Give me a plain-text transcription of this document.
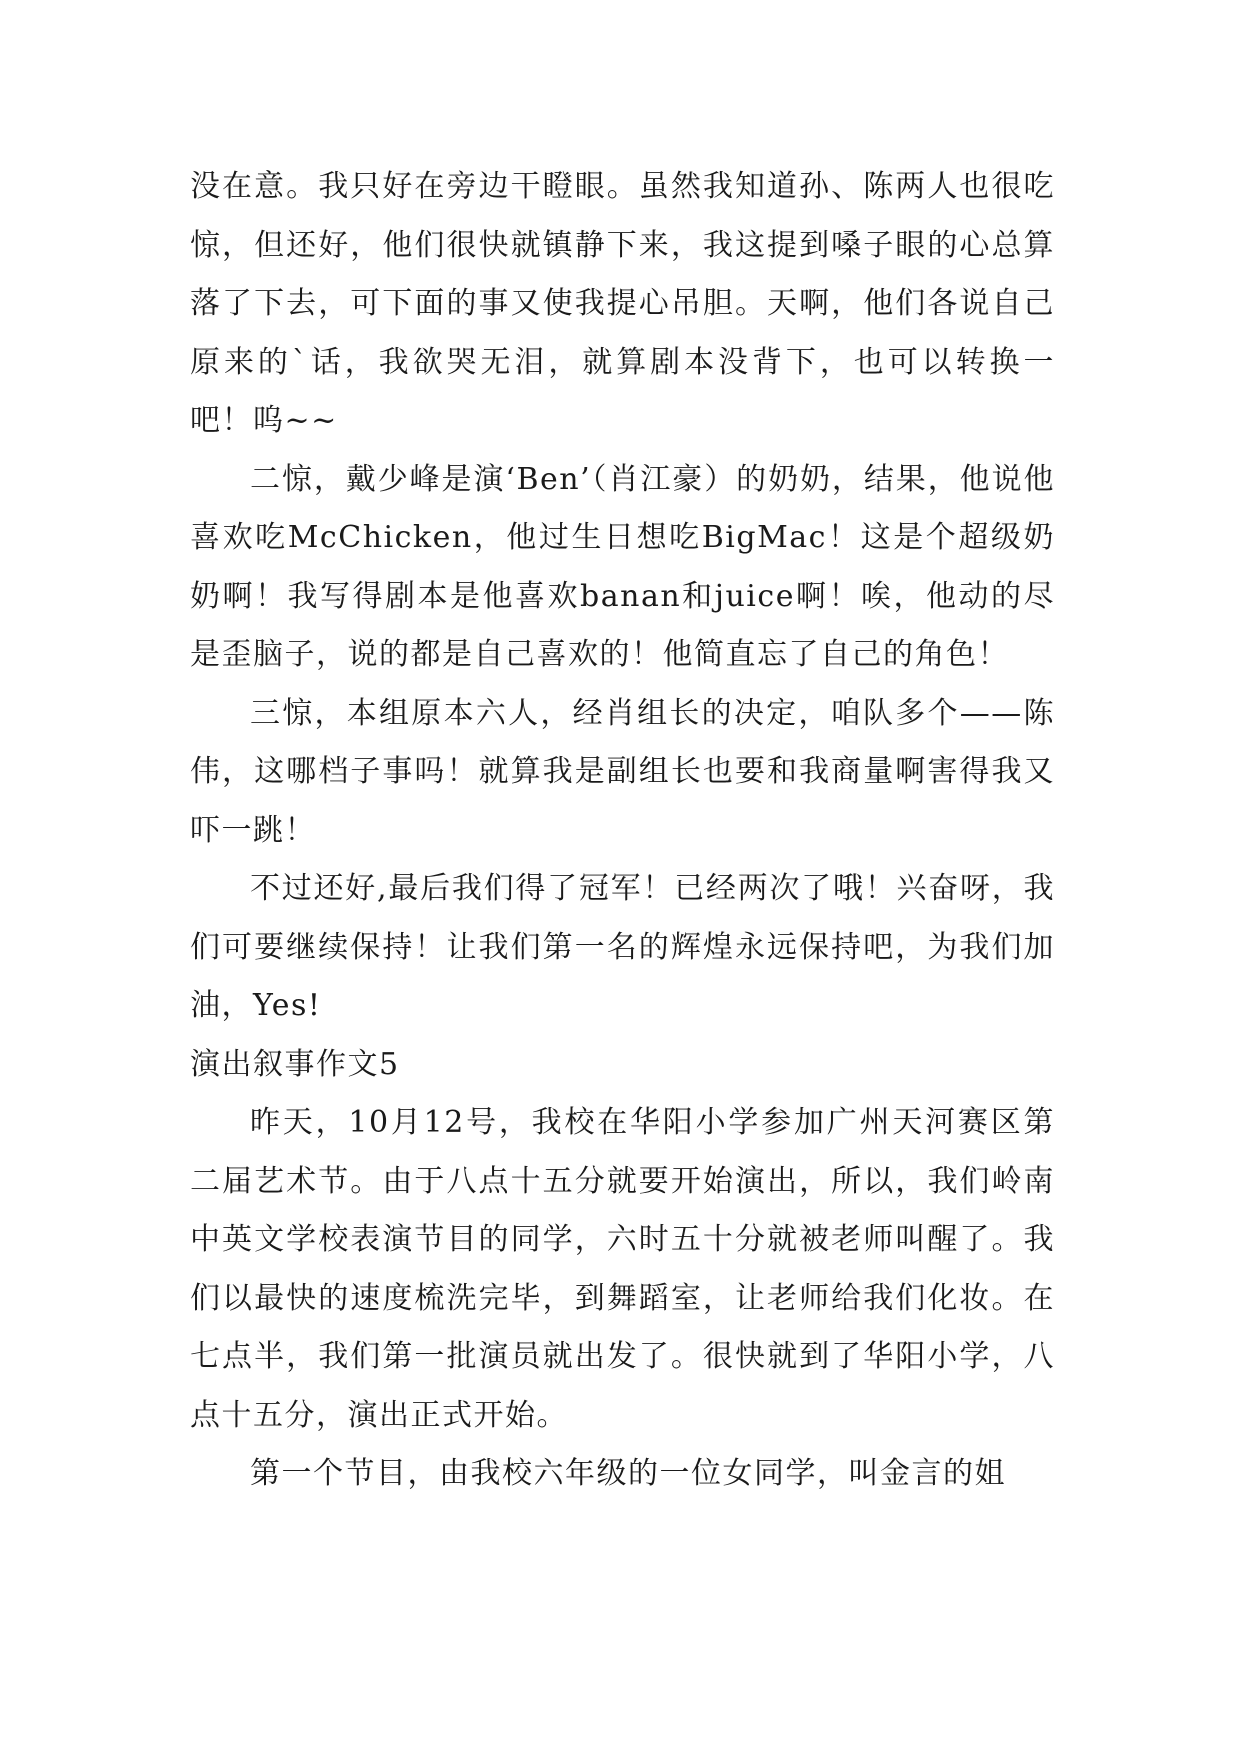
没在意。我只好在旁边干瞪眼。虽然我知道孙、陈两人也很吃惊，但还好，他们很快就镇静下来，我这提到嗓子眼的心总算落了下去，可下面的事又使我提心吊胆。天啊，他们各说自己原来的`话，我欲哭无泪，就算剧本没背下，也可以转换一吧！呜~~

二惊，戴少峰是演‘Ben’（肖江豪）的奶奶，结果，他说他喜欢吃McChicken，他过生日想吃BigMac！这是个超级奶奶啊！我写得剧本是他喜欢banan和juice啊！唉，他动的尽是歪脑子，说的都是自己喜欢的！他简直忘了自己的角色！

三惊，本组原本六人，经肖组长的决定，咱队多个——陈伟，这哪档子事吗！就算我是副组长也要和我商量啊害得我又吓一跳！

不过还好,最后我们得了冠军！已经两次了哦！兴奋呀，我们可要继续保持！让我们第一名的辉煌永远保持吧，为我们加油，Yes!

演出叙事作文5

昨天，10月12号，我校在华阳小学参加广州天河赛区第二届艺术节。由于八点十五分就要开始演出，所以，我们岭南中英文学校表演节目的同学，六时五十分就被老师叫醒了。我们以最快的速度梳洗完毕，到舞蹈室，让老师给我们化妆。在七点半，我们第一批演员就出发了。很快就到了华阳小学，八点十五分，演出正式开始。

第一个节目，由我校六年级的一位女同学，叫金言的姐
